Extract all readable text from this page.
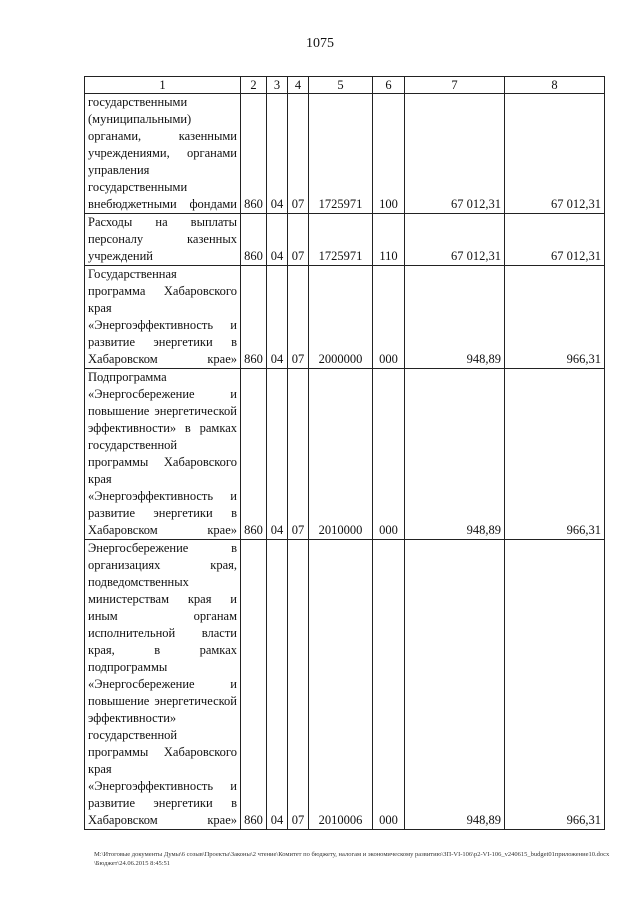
1075
1	2	3	4	5	6	7	8
государственными (муниципальными) органами, казенными учреждениями, органами управления государственными внебюджетными фондами	860	04	07	1725971	100	67 012,31	67 012,31
Расходы на выплаты персоналу казенных учреждений	860	04	07	1725971	110	67 012,31	67 012,31
Государственная программа Хабаровского края «Энергоэффективность и развитие энергетики в Хабаровском крае»	860	04	07	2000000	000	948,89	966,31
Подпрограмма «Энергосбережение и повышение энергетической эффективности» в рамках государственной программы Хабаровского края «Энергоэффективность и развитие энергетики в Хабаровском крае»	860	04	07	2010000	000	948,89	966,31
Энергосбережение в организациях края, подведомственных министерствам края и иным органам исполнительной власти края, в рамках подпрограммы «Энергосбережение и повышение энергетической эффективности» государственной программы Хабаровского края «Энергоэффективность и развитие энергетики в Хабаровском крае»	860	04	07	2010006	000	948,89	966,31
M:\Итоговые документы Думы\6 созыв\Проекты\Законы\2 чтение\Комитет по бюджету, налогам и экономическому развитию\ЗП-VI-106\p2-VI-106_v240615_budget01приложение10.docx\Бюджет\24.06.2015 8:45:51
